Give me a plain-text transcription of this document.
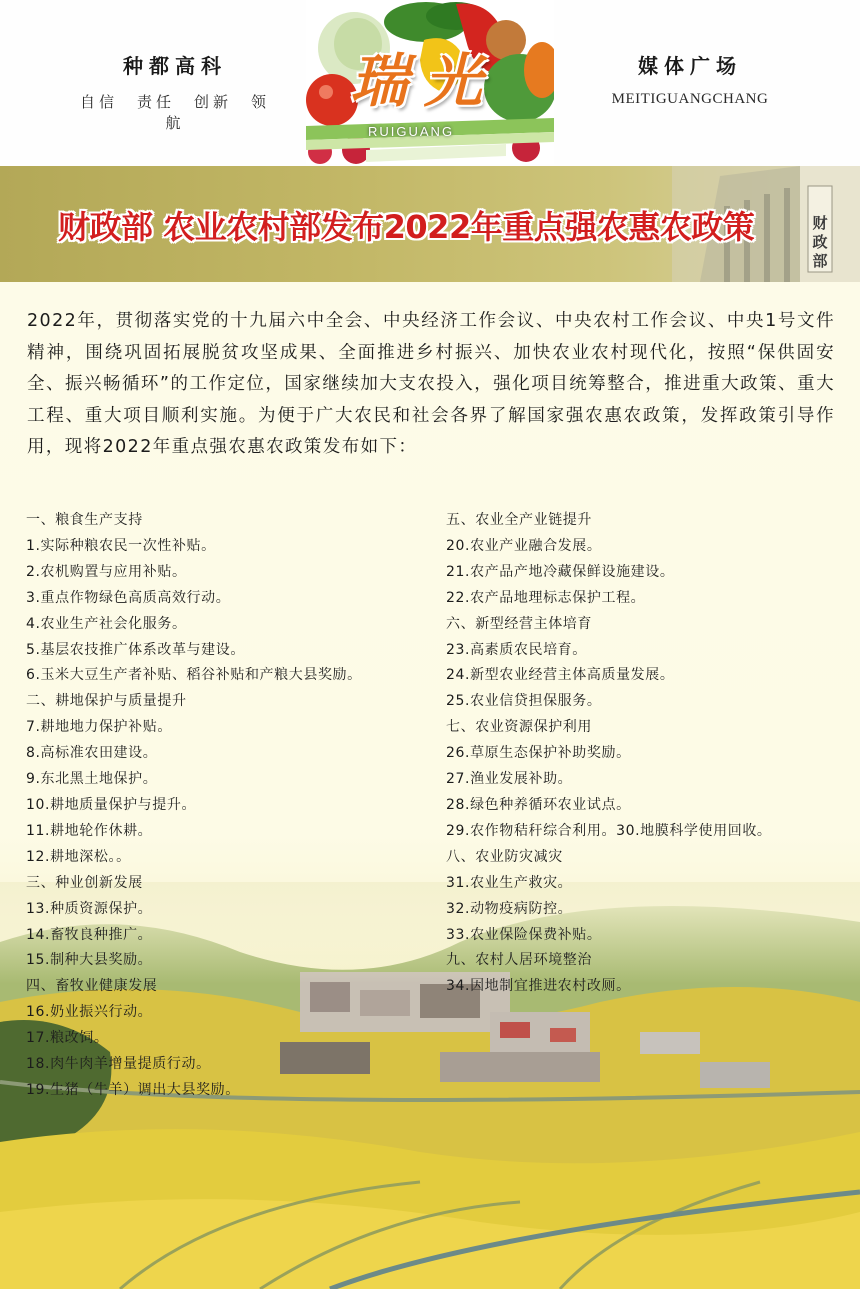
种都高科
自信　责任　创新　领航
瑞光
RUIGUANG
媒体广场
MEITIGUANGCHANG
财政部
财政部 农业农村部发布2022年重点强农惠农政策
2022年，贯彻落实党的十九届六中全会、中央经济工作会议、中央农村工作会议、中央1号文件精神，围绕巩固拓展脱贫攻坚成果、全面推进乡村振兴、加快农业农村现代化，按照“保供固安全、振兴畅循环”的工作定位，国家继续加大支农投入，强化项目统筹整合，推进重大政策、重大工程、重大项目顺利实施。为便于广大农民和社会各界了解国家强农惠农政策，发挥政策引导作用，现将2022年重点强农惠农政策发布如下：
一、粮食生产支持
1.实际种粮农民一次性补贴。
2.农机购置与应用补贴。
3.重点作物绿色高质高效行动。
4.农业生产社会化服务。
5.基层农技推广体系改革与建设。
6.玉米大豆生产者补贴、稻谷补贴和产粮大县奖励。
二、耕地保护与质量提升
7.耕地地力保护补贴。
8.高标准农田建设。
9.东北黑土地保护。
10.耕地质量保护与提升。
11.耕地轮作休耕。
12.耕地深松。。
三、种业创新发展
13.种质资源保护。
14.畜牧良种推广。
15.制种大县奖励。
四、畜牧业健康发展
16.奶业振兴行动。
17.粮改饲。
18.肉牛肉羊增量提质行动。
19.生猪（牛羊）调出大县奖励。
五、农业全产业链提升
20.农业产业融合发展。
21.农产品产地冷藏保鲜设施建设。
22.农产品地理标志保护工程。
六、新型经营主体培育
23.高素质农民培育。
24.新型农业经营主体高质量发展。
25.农业信贷担保服务。
七、农业资源保护利用
26.草原生态保护补助奖励。
27.渔业发展补助。
28.绿色种养循环农业试点。
29.农作物秸秆综合利用。30.地膜科学使用回收。
八、农业防灾减灾
31.农业生产救灾。
32.动物疫病防控。
33.农业保险保费补贴。
九、农村人居环境整治
34.因地制宜推进农村改厕。
